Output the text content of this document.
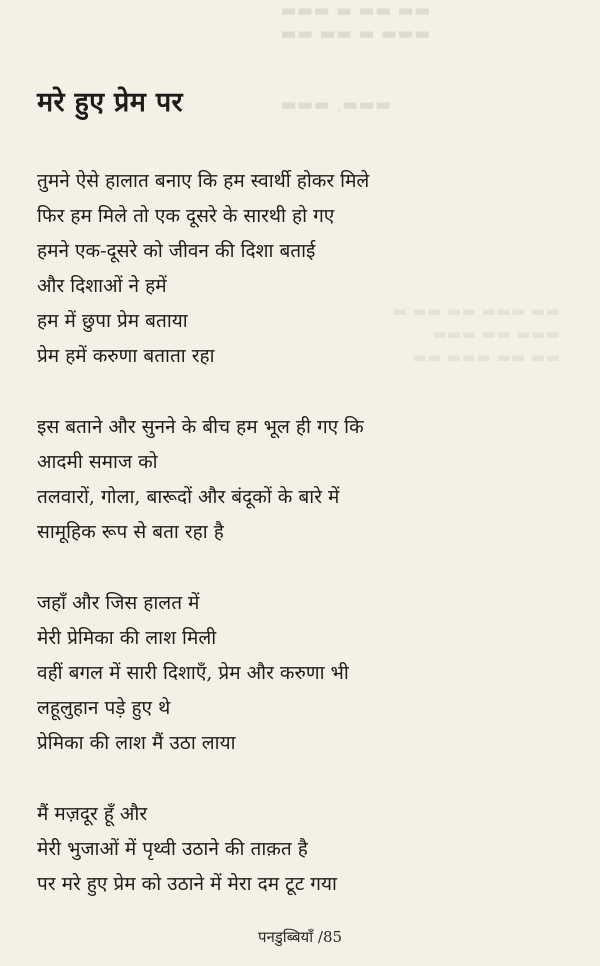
▬▬ ▬▬ ▬ ▬▬▬
▬▬▬ ▬ ▬▬ ▬▬
▬▬▬, ▬▬▬
▬▬ ▬▬▬ ▬▬ ▬▬ ▬
▬▬▬ ▬▬ ▬▬▬
▬▬ ▬▬ ▬▬▬ ▬▬
मरे हुए प्रेम पर
तुमने ऐसे हालात बनाए कि हम स्वार्थी होकर मिले
फिर हम मिले तो एक दूसरे के सारथी हो गए
हमने एक-दूसरे को जीवन की दिशा बताई
और दिशाओं ने हमें
हम में छुपा प्रेम बताया
प्रेम हमें करुणा बताता रहा
इस बताने और सुनने के बीच हम भूल ही गए कि
आदमी समाज को
तलवारों, गोला, बारूदों और बंदूकों के बारे में
सामूहिक रूप से बता रहा है
जहाँ और जिस हालत में
मेरी प्रेमिका की लाश मिली
वहीं बगल में सारी दिशाएँ, प्रेम और करुणा भी
लहूलुहान पड़े हुए थे
प्रेमिका की लाश मैं उठा लाया
मैं मज़दूर हूँ और
मेरी भुजाओं में पृथ्वी उठाने की ताक़त है
पर मरे हुए प्रेम को उठाने में मेरा दम टूट गया
पनडुब्बियाँ /85
